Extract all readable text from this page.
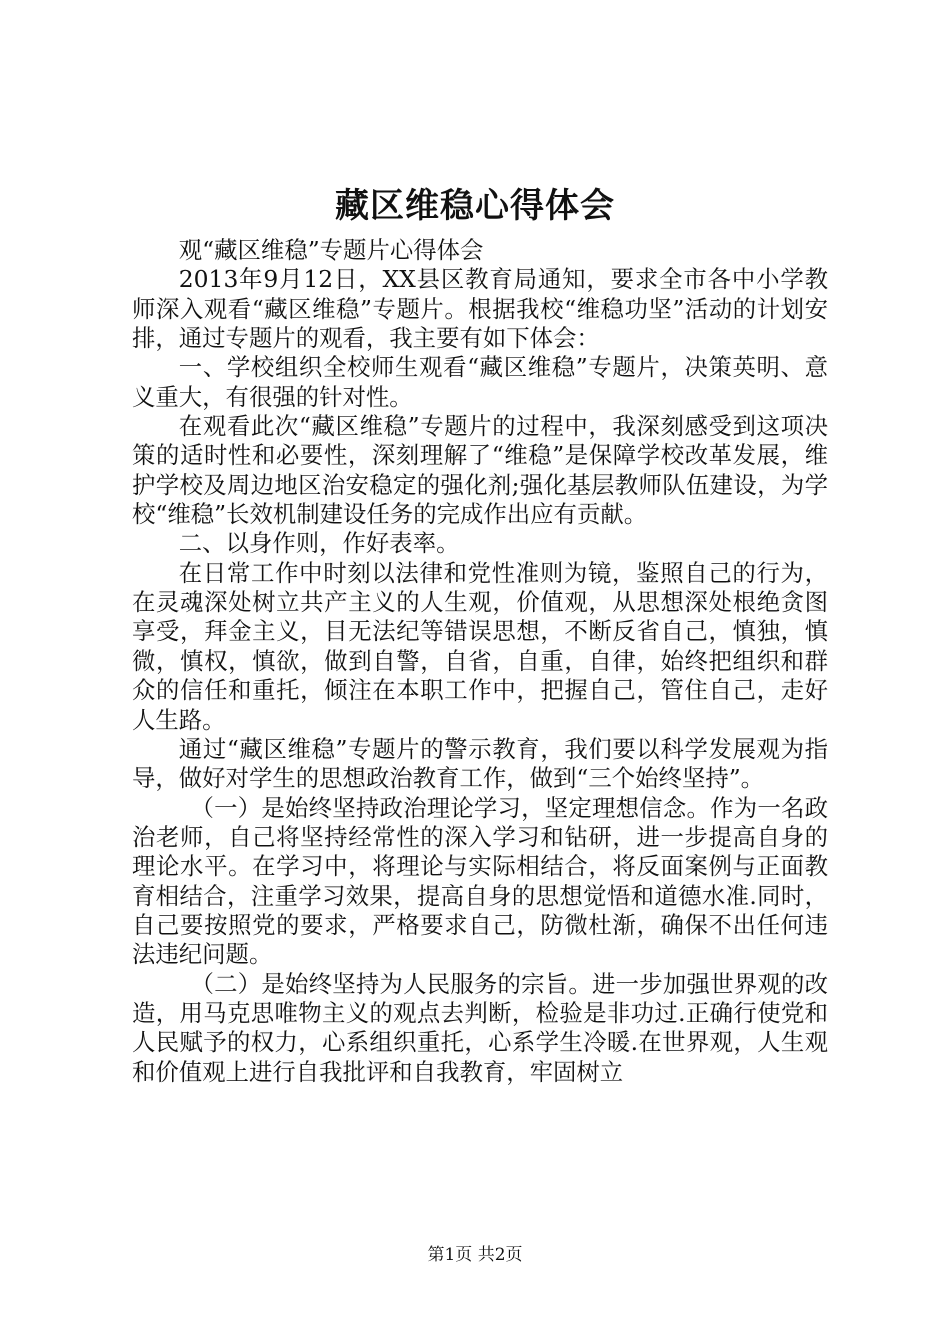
藏区维稳心得体会

观“藏区维稳”专题片心得体会

2013年9月12日，XX县区教育局通知，要求全市各中小学教师深入观看“藏区维稳”专题片。根据我校“维稳功坚”活动的计划安排，通过专题片的观看，我主要有如下体会：

一、学校组织全校师生观看“藏区维稳”专题片，决策英明、意义重大，有很强的针对性。

在观看此次“藏区维稳”专题片的过程中，我深刻感受到这项决策的适时性和必要性，深刻理解了“维稳”是保障学校改革发展，维护学校及周边地区治安稳定的强化剂;强化基层教师队伍建设，为学校“维稳”长效机制建设任务的完成作出应有贡献。

二、以身作则，作好表率。

在日常工作中时刻以法律和党性准则为镜，鉴照自己的行为，在灵魂深处树立共产主义的人生观，价值观，从思想深处根绝贪图享受，拜金主义，目无法纪等错误思想，不断反省自己，慎独，慎微，慎权，慎欲，做到自警，自省，自重，自律，始终把组织和群众的信任和重托，倾注在本职工作中，把握自己，管住自己，走好人生路。

通过“藏区维稳”专题片的警示教育，我们要以科学发展观为指导，做好对学生的思想政治教育工作，做到“三个始终坚持”。

（一）是始终坚持政治理论学习，坚定理想信念。作为一名政治老师，自己将坚持经常性的深入学习和钻研，进一步提高自身的理论水平。在学习中，将理论与实际相结合，将反面案例与正面教育相结合，注重学习效果，提高自身的思想觉悟和道德水准.同时，自己要按照党的要求，严格要求自己，防微杜渐，确保不出任何违法违纪问题。

（二）是始终坚持为人民服务的宗旨。进一步加强世界观的改造，用马克思唯物主义的观点去判断，检验是非功过.正确行使党和人民赋予的权力，心系组织重托，心系学生冷暖.在世界观，人生观和价值观上进行自我批评和自我教育，牢固树立

第1页 共2页
